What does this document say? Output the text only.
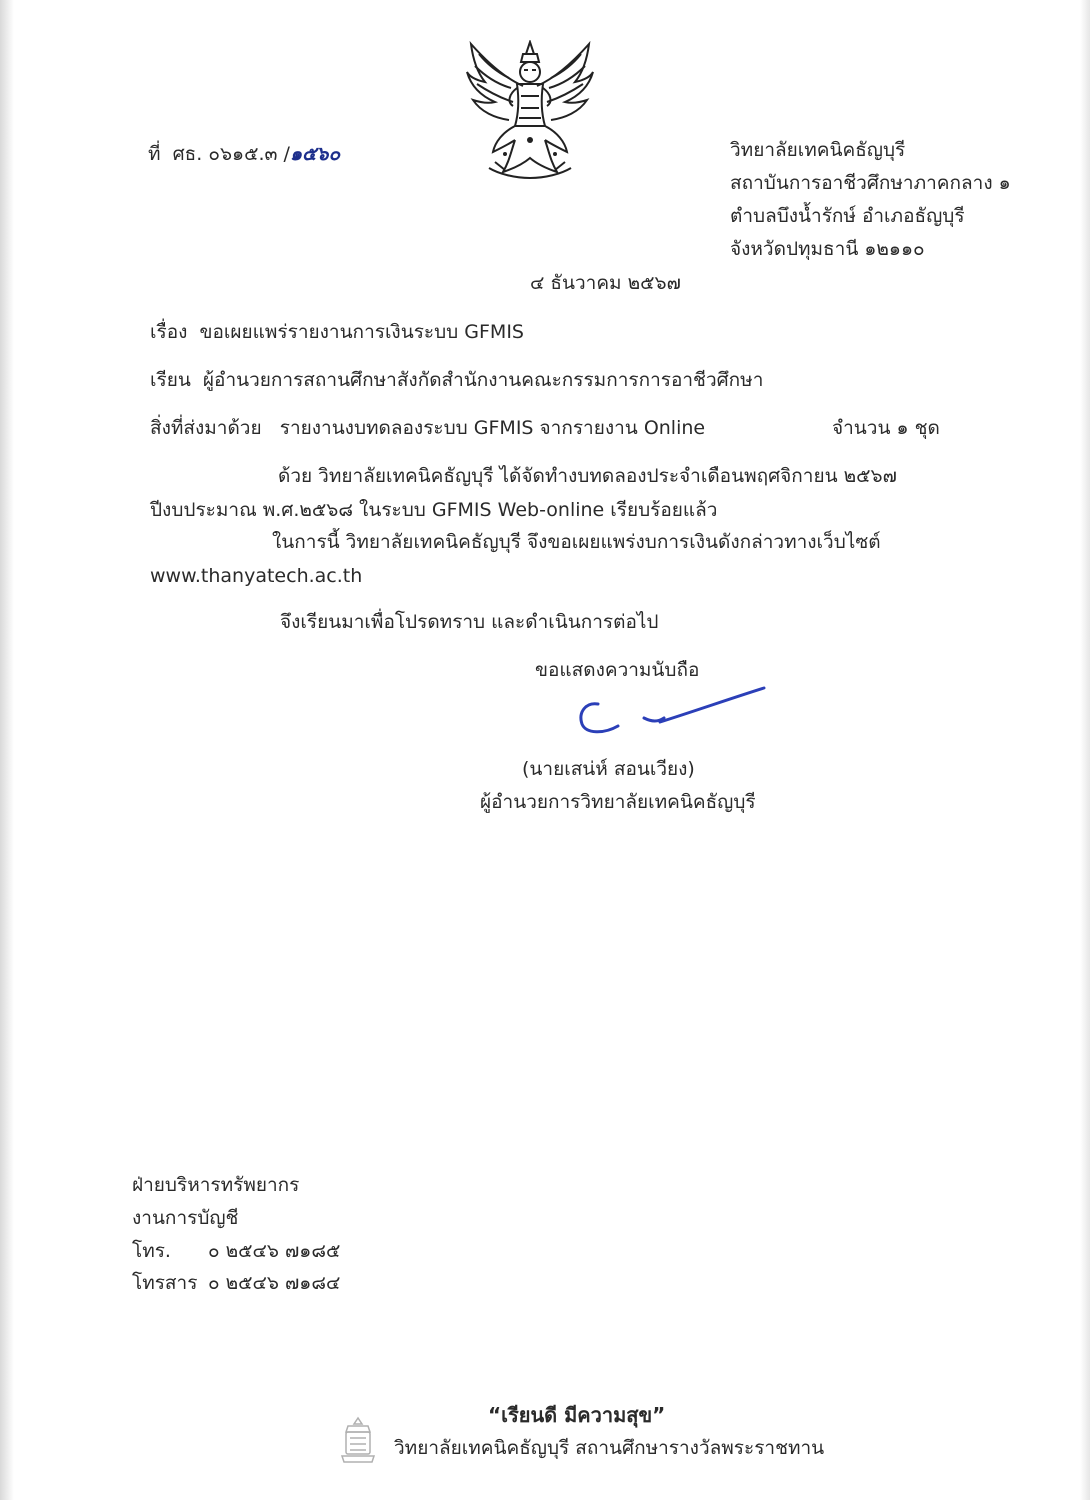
ที่ ศธ. ๐๖๑๕.๓ /๑๕๖๐	วิทยาลัยเทคนิคธัญบุรี
สถาบันการอาชีวศึกษาภาคกลาง ๑
ตำบลบึงน้ำรักษ์ อำเภอธัญบุรี
จังหวัดปทุมธานี ๑๒๑๑๐
๔ ธันวาคม ๒๕๖๗
เรื่อง ขอเผยแพร่รายงานการเงินระบบ GFMIS
เรียน ผู้อำนวยการสถานศึกษาสังกัดสำนักงานคณะกรรมการการอาชีวศึกษา
สิ่งที่ส่งมาด้วย รายงานงบทดลองระบบ GFMIS จากรายงาน Online	จำนวน ๑ ชุด
ด้วย วิทยาลัยเทคนิคธัญบุรี ได้จัดทำงบทดลองประจำเดือนพฤศจิกายน ๒๕๖๗
ปีงบประมาณ พ.ศ.๒๕๖๘ ในระบบ GFMIS Web-online เรียบร้อยแล้ว
ในการนี้ วิทยาลัยเทคนิคธัญบุรี จึงขอเผยแพร่งบการเงินดังกล่าวทางเว็บไซต์
www.thanyatech.ac.th
จึงเรียนมาเพื่อโปรดทราบ และดำเนินการต่อไป
ขอแสดงความนับถือ
(นายเสน่ห์ สอนเวียง)
ผู้อำนวยการวิทยาลัยเทคนิคธัญบุรี
ฝ่ายบริหารทรัพยากร
งานการบัญชี
โทร. ๐ ๒๕๔๖ ๗๑๘๕
โทรสาร ๐ ๒๕๔๖ ๗๑๘๔
“เรียนดี มีความสุข”
วิทยาลัยเทคนิคธัญบุรี สถานศึกษารางวัลพระราชทาน
